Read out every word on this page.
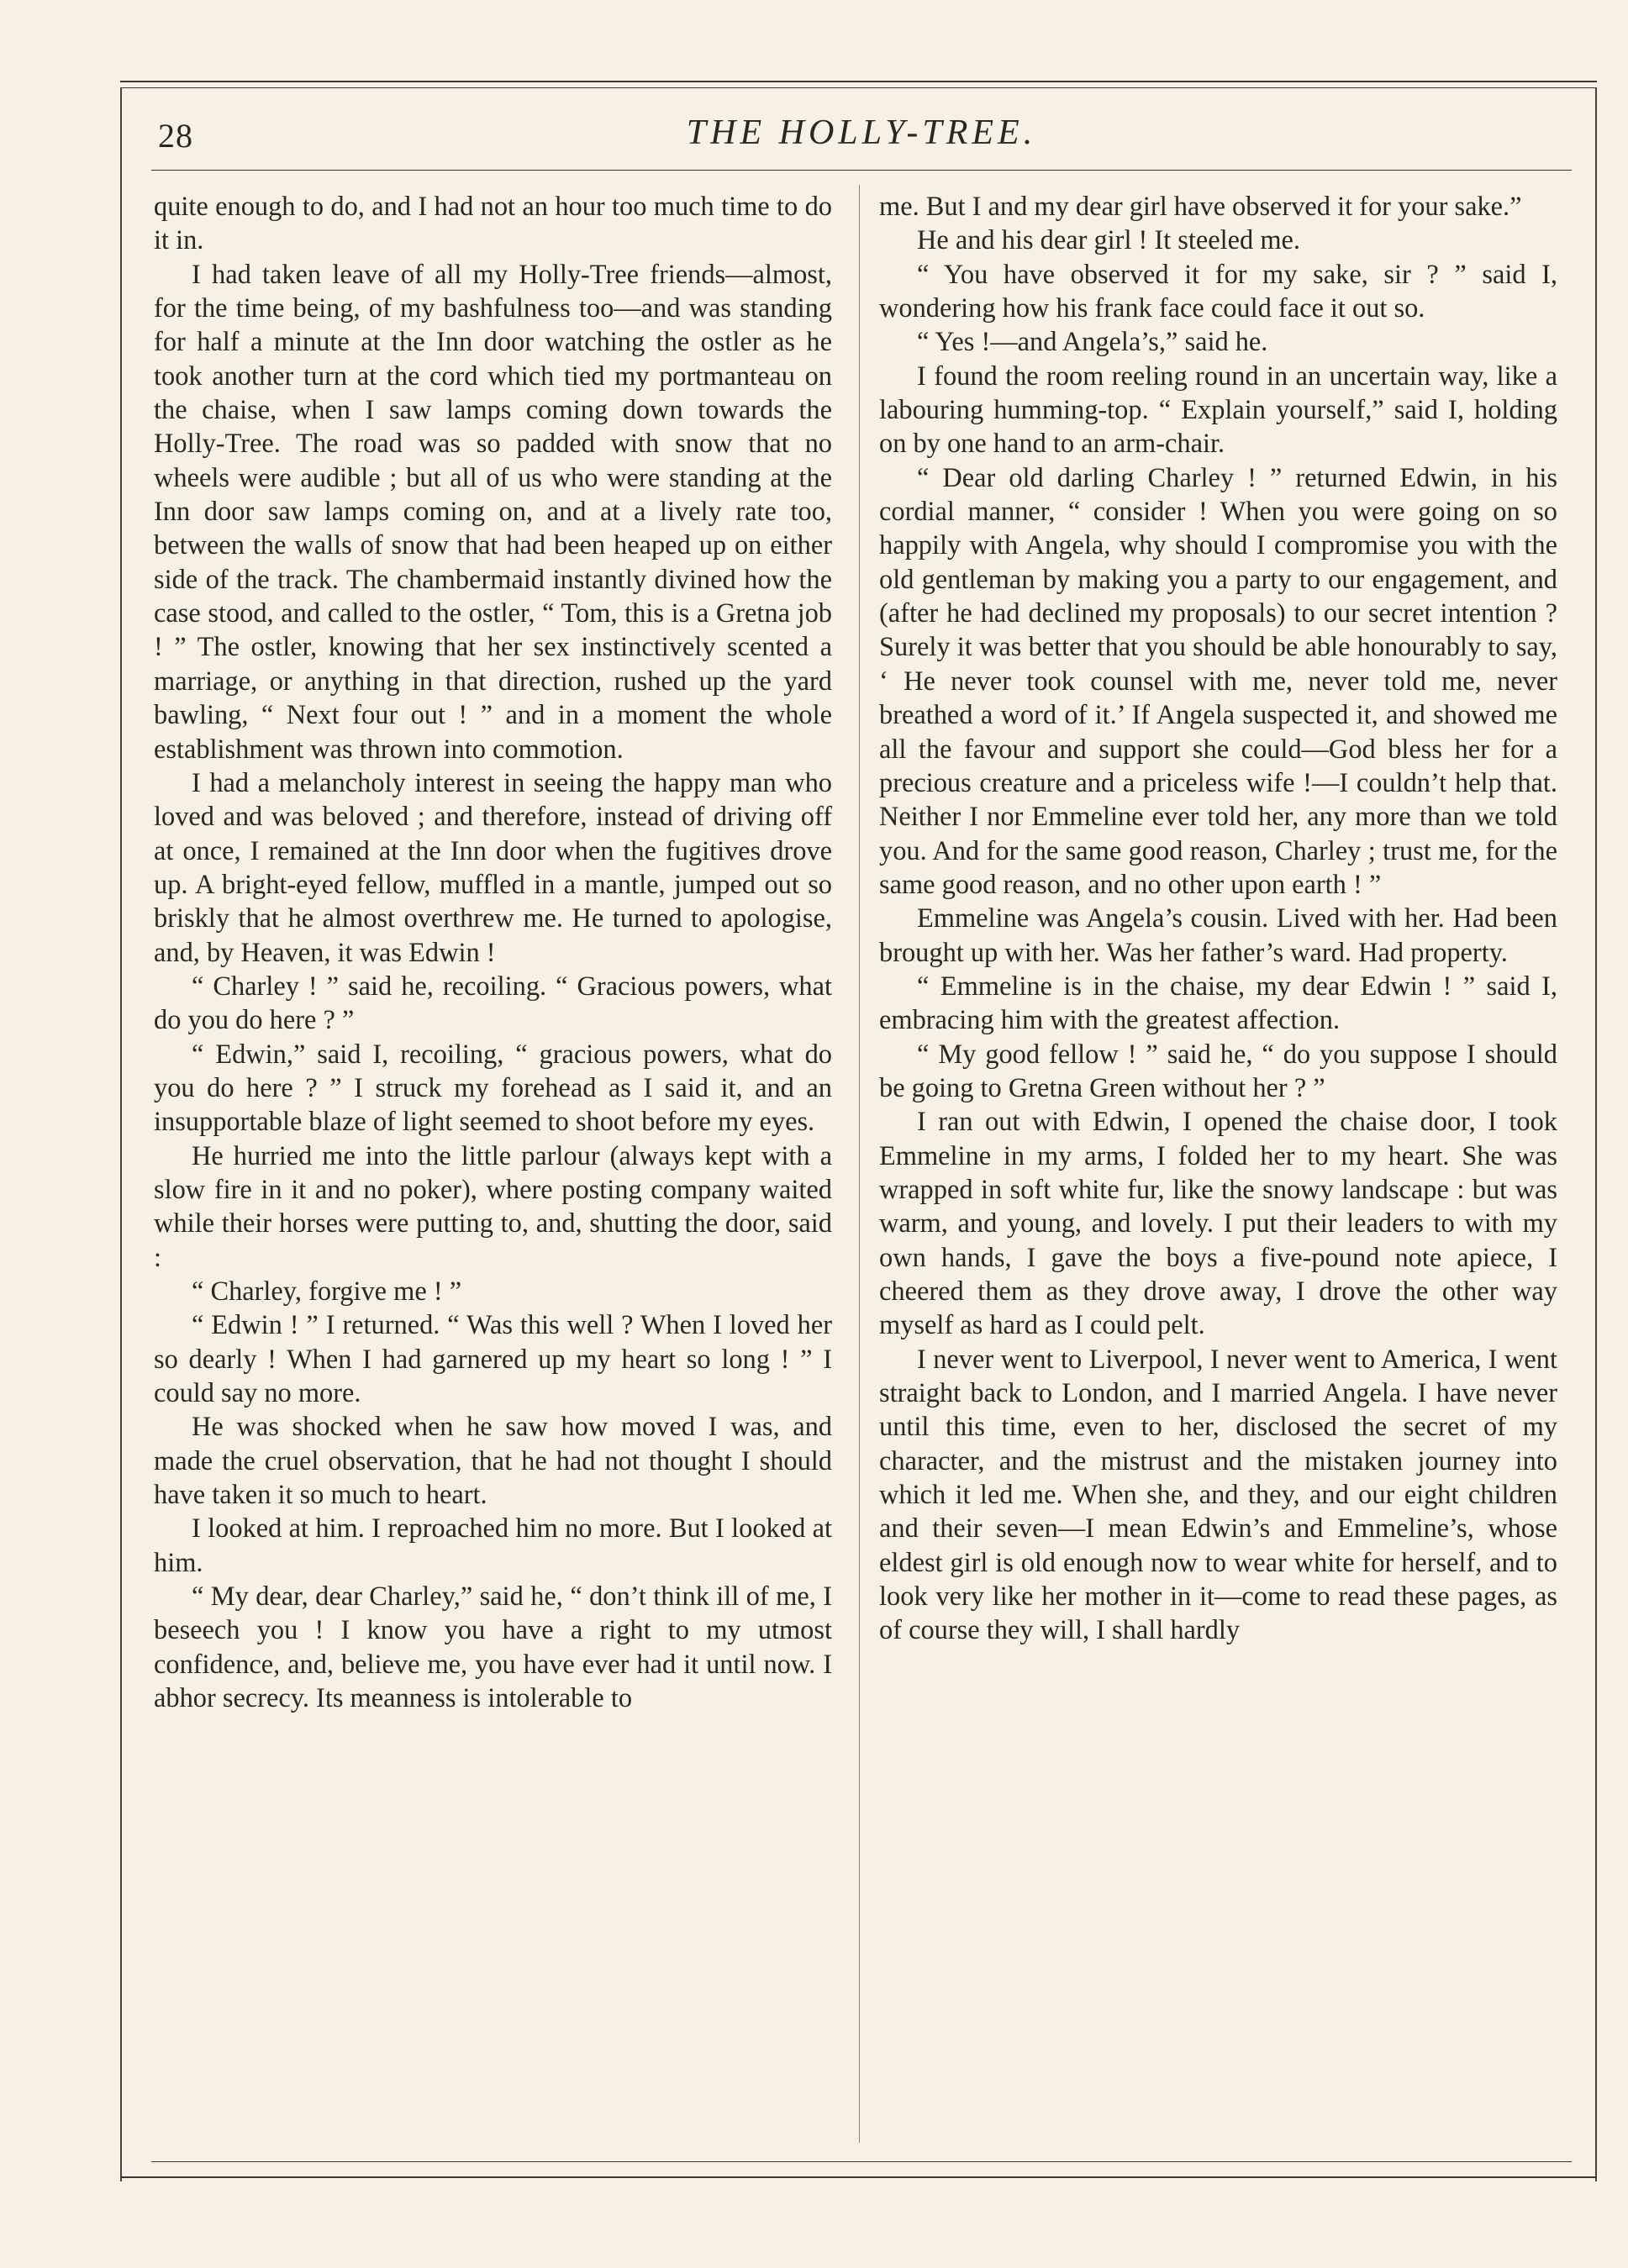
28	THE HOLLY-TREE.

quite enough to do, and I had not an hour too much time to do it in.

I had taken leave of all my Holly-Tree friends—almost, for the time being, of my bashfulness too—and was standing for half a minute at the Inn door watching the ostler as he took another turn at the cord which tied my portmanteau on the chaise, when I saw lamps coming down towards the Holly-Tree. The road was so padded with snow that no wheels were audible ; but all of us who were standing at the Inn door saw lamps coming on, and at a lively rate too, between the walls of snow that had been heaped up on either side of the track. The chambermaid instantly divined how the case stood, and called to the ostler, “ Tom, this is a Gretna job ! ” The ostler, knowing that her sex instinctively scented a marriage, or anything in that direction, rushed up the yard bawling, “ Next four out ! ” and in a moment the whole establishment was thrown into commotion.

I had a melancholy interest in seeing the happy man who loved and was beloved ; and therefore, instead of driving off at once, I remained at the Inn door when the fugitives drove up. A bright-eyed fellow, muffled in a mantle, jumped out so briskly that he almost overthrew me. He turned to apologise, and, by Heaven, it was Edwin !

“ Charley ! ” said he, recoiling. “ Gracious powers, what do you do here ? ”

“ Edwin,” said I, recoiling, “ gracious powers, what do you do here ? ” I struck my forehead as I said it, and an insupportable blaze of light seemed to shoot before my eyes.

He hurried me into the little parlour (always kept with a slow fire in it and no poker), where posting company waited while their horses were putting to, and, shutting the door, said :

“ Charley, forgive me ! ”

“ Edwin ! ” I returned. “ Was this well ? When I loved her so dearly ! When I had garnered up my heart so long ! ” I could say no more.

He was shocked when he saw how moved I was, and made the cruel observation, that he had not thought I should have taken it so much to heart.

I looked at him. I reproached him no more. But I looked at him.

“ My dear, dear Charley,” said he, “ don’t think ill of me, I beseech you ! I know you have a right to my utmost confidence, and, believe me, you have ever had it until now. I abhor secrecy. Its meanness is intolerable to

me. But I and my dear girl have observed it for your sake.”

He and his dear girl ! It steeled me.

“ You have observed it for my sake, sir ? ” said I, wondering how his frank face could face it out so.

“ Yes !—and Angela’s,” said he.

I found the room reeling round in an uncertain way, like a labouring humming-top. “ Explain yourself,” said I, holding on by one hand to an arm-chair.

“ Dear old darling Charley ! ” returned Edwin, in his cordial manner, “ consider ! When you were going on so happily with Angela, why should I compromise you with the old gentleman by making you a party to our engagement, and (after he had declined my proposals) to our secret intention ? Surely it was better that you should be able honourably to say, ‘ He never took counsel with me, never told me, never breathed a word of it.’ If Angela suspected it, and showed me all the favour and support she could—God bless her for a precious creature and a priceless wife !—I couldn’t help that. Neither I nor Emmeline ever told her, any more than we told you. And for the same good reason, Charley ; trust me, for the same good reason, and no other upon earth ! ”

Emmeline was Angela’s cousin. Lived with her. Had been brought up with her. Was her father’s ward. Had property.

“ Emmeline is in the chaise, my dear Edwin ! ” said I, embracing him with the greatest affection.

“ My good fellow ! ” said he, “ do you suppose I should be going to Gretna Green without her ? ”

I ran out with Edwin, I opened the chaise door, I took Emmeline in my arms, I folded her to my heart. She was wrapped in soft white fur, like the snowy landscape : but was warm, and young, and lovely. I put their leaders to with my own hands, I gave the boys a five-pound note apiece, I cheered them as they drove away, I drove the other way myself as hard as I could pelt.

I never went to Liverpool, I never went to America, I went straight back to London, and I married Angela. I have never until this time, even to her, disclosed the secret of my character, and the mistrust and the mistaken journey into which it led me. When she, and they, and our eight children and their seven—I mean Edwin’s and Emmeline’s, whose eldest girl is old enough now to wear white for herself, and to look very like her mother in it—come to read these pages, as of course they will, I shall hardly
